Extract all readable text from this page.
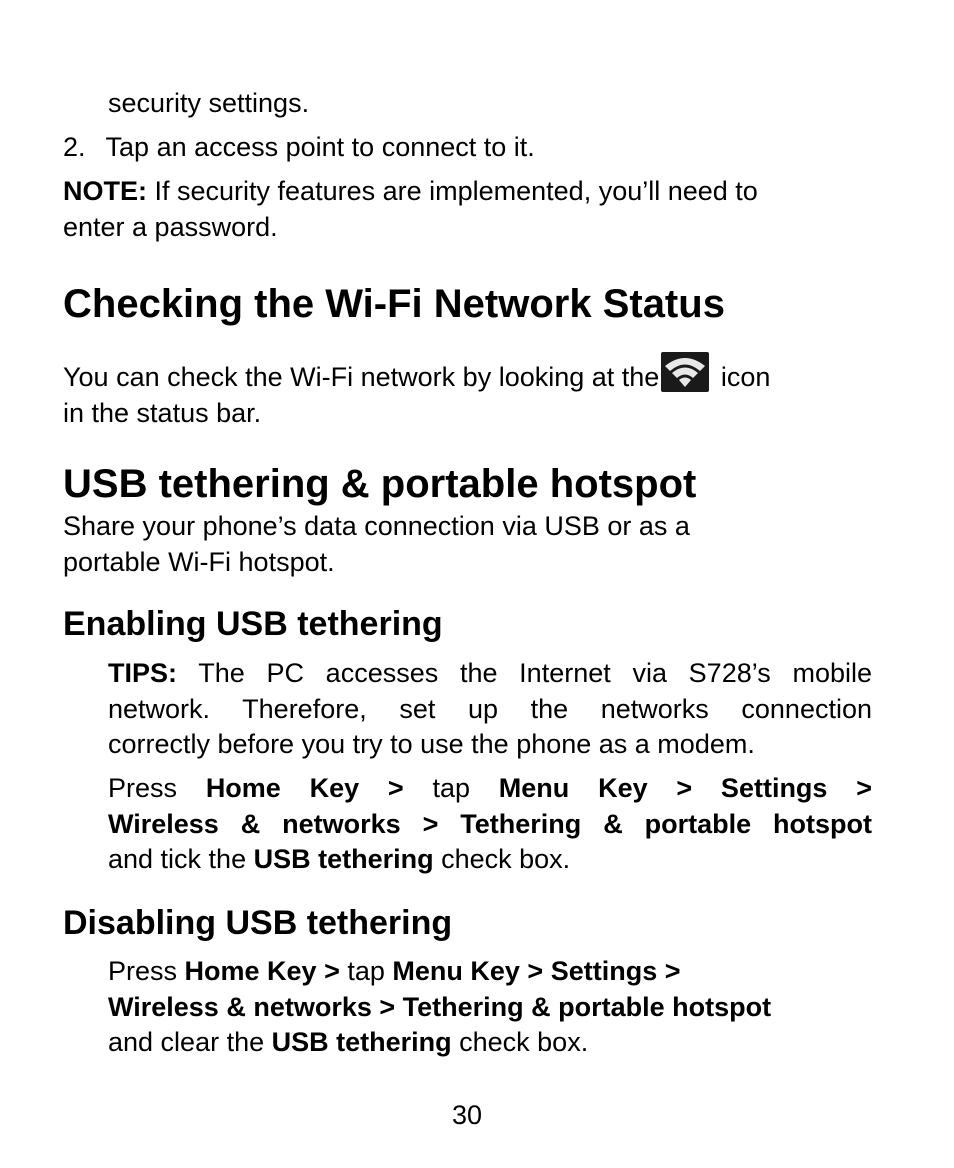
security settings.

2. Tap an access point to connect to it.

NOTE: If security features are implemented, you’ll need to
enter a password.

Checking the Wi-Fi Network Status

You can check the Wi-Fi network by looking at the
icon
in the status bar.

USB tethering & portable hotspot

Share your phone’s data connection via USB or as a
portable Wi-Fi hotspot.

Enabling USB tethering
TIPS: The PC accesses the Internet via S728’s mobile
network. Therefore, set up the networks connection
correctly before you try to use the phone as a modem.
Press Home Key > tap Menu Key > Settings >
Wireless & networks > Tethering & portable hotspot
and tick the USB tethering check box.
Disabling USB tethering
Press Home Key > tap Menu Key > Settings >
Wireless & networks > Tethering & portable hotspot
and clear the USB tethering check box.
30
